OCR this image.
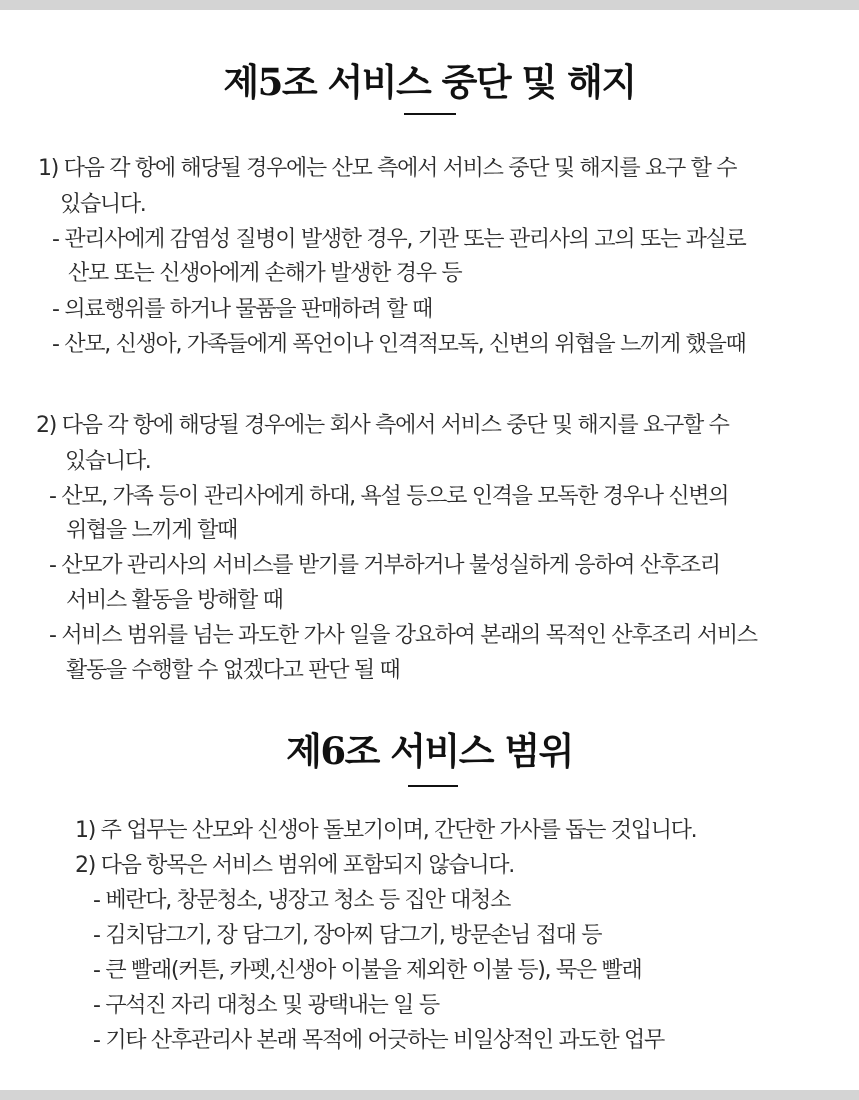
제5조 서비스 중단 및 해지
1) 다음 각 항에 해당될 경우에는 산모 측에서 서비스 중단 및 해지를 요구 할 수
있습니다.
- 관리사에게 감염성 질병이 발생한 경우, 기관 또는 관리사의 고의 또는 과실로
산모 또는 신생아에게 손해가 발생한 경우 등
- 의료행위를 하거나 물품을 판매하려 할 때
- 산모, 신생아, 가족들에게 폭언이나 인격적모독, 신변의 위협을 느끼게 했을때
2) 다음 각 항에 해당될 경우에는 회사 측에서 서비스 중단 및 해지를 요구할 수
있습니다.
- 산모, 가족 등이 관리사에게 하대, 욕설 등으로 인격을 모독한 경우나 신변의
위협을 느끼게 할때
- 산모가 관리사의 서비스를 받기를 거부하거나 불성실하게 응하여 산후조리
서비스 활동을 방해할 때
- 서비스 범위를 넘는 과도한 가사 일을 강요하여 본래의 목적인 산후조리 서비스
활동을 수행할 수 없겠다고 판단 될 때
제6조 서비스 범위
1) 주 업무는 산모와 신생아 돌보기이며, 간단한 가사를 돕는 것입니다.
2) 다음 항목은 서비스 범위에 포함되지 않습니다.
- 베란다, 창문청소, 냉장고 청소 등 집안 대청소
- 김치담그기, 장 담그기, 장아찌 담그기, 방문손님 접대 등
- 큰 빨래(커튼, 카펫,신생아 이불을 제외한 이불 등), 묵은 빨래
- 구석진 자리 대청소 및 광택내는 일 등
- 기타 산후관리사 본래 목적에 어긋하는 비일상적인 과도한 업무
